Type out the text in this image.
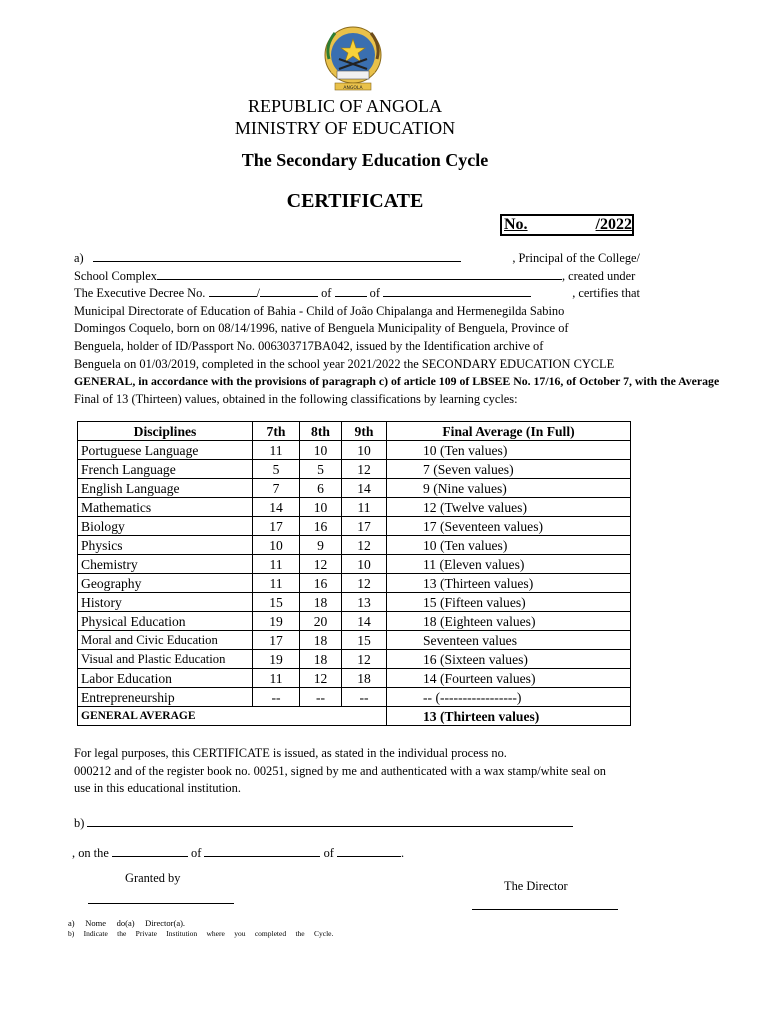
ANGOLA
REPUBLIC OF ANGOLA
MINISTRY OF EDUCATION
The Secondary Education Cycle
CERTIFICATE
No.	/2022
a)	, Principal of the College/
School Complex	, created under
The Executive Decree No.	/	of	of	, certifies that
Municipal Directorate of Education of Bahia - Child of João Chipalanga and Hermenegilda Sabino
Domingos Coquelo, born on 08/14/1996, native of Benguela Municipality of Benguela, Province of
Benguela, holder of ID/Passport No. 006303717BA042, issued by the Identification archive of
Benguela on 01/03/2019, completed in the school year 2021/2022 the SECONDARY EDUCATION CYCLE
GENERAL, in accordance with the provisions of paragraph c) of article 109 of LBSEE No. 17/16, of October 7, with the Average
Final of 13 (Thirteen) values, obtained in the following classifications by learning cycles:
Disciplines	7th	8th	9th	Final Average (In Full)
Portuguese Language	11	10	10	10 (Ten values)
French Language	5	5	12	7 (Seven values)
English Language	7	6	14	9 (Nine values)
Mathematics	14	10	11	12 (Twelve values)
Biology	17	16	17	17 (Seventeen values)
Physics	10	9	12	10 (Ten values)
Chemistry	11	12	10	11 (Eleven values)
Geography	11	16	12	13 (Thirteen values)
History	15	18	13	15 (Fifteen values)
Physical Education	19	20	14	18 (Eighteen values)
Moral and Civic Education	17	18	15	Seventeen values
Visual and Plastic Education	19	18	12	16 (Sixteen values)
Labor Education	11	12	18	14 (Fourteen values)
Entrepreneurship	--	--	--	-- (-----------------)
GENERAL AVERAGE				13 (Thirteen values)
For legal purposes, this CERTIFICATE is issued, as stated in the individual process no.
000212 and of the register book no. 00251, signed by me and authenticated with a wax stamp/white seal on
use in this educational institution.
b)
, on the	of	of	.
Granted by
The Director
a)     Nome     do(a)     Director(a).
b)     Indicate     the     Private     Institution     where     you     completed     the     Cycle.
